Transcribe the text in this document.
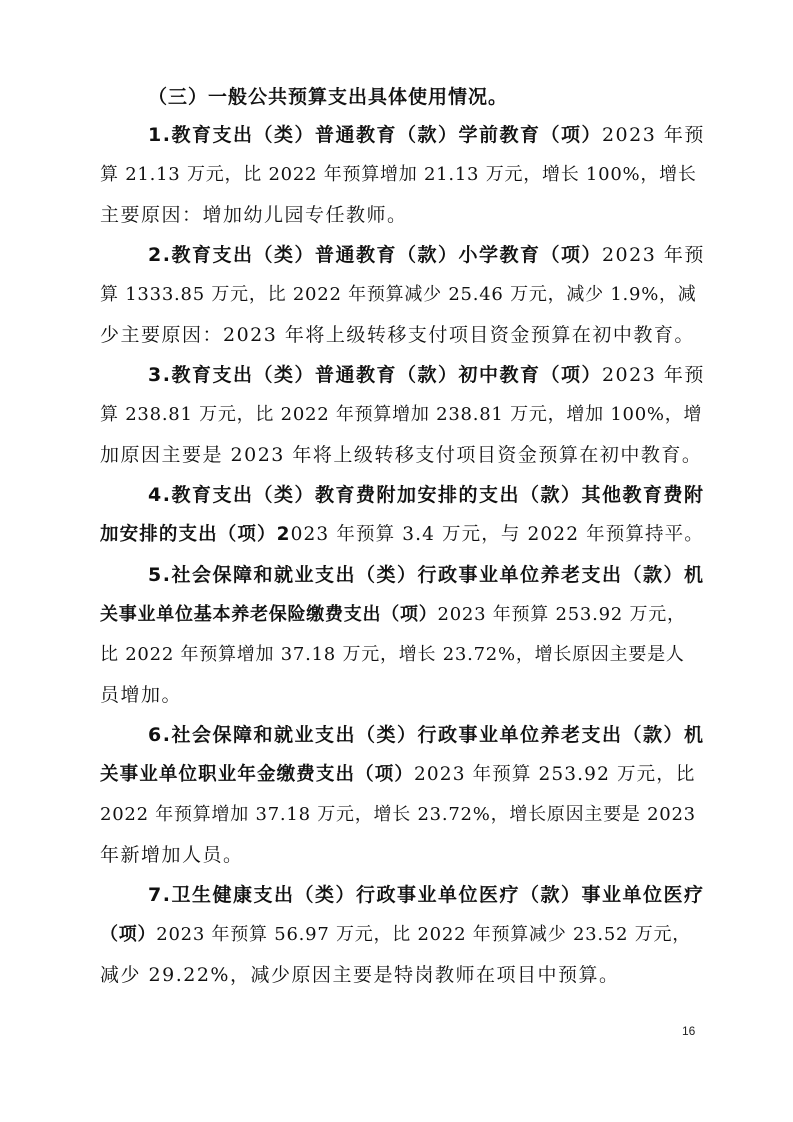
（三）一般公共预算支出具体使用情况。
1.教育支出（类）普通教育（款）学前教育（项）2023 年预
算 21.13 万元，比 2022 年预算增加 21.13 万元，增长 100%，增长
主要原因：增加幼儿园专任教师。
2.教育支出（类）普通教育（款）小学教育（项）2023 年预
算 1333.85 万元，比 2022 年预算减少 25.46 万元，减少 1.9%，减
少主要原因：2023 年将上级转移支付项目资金预算在初中教育。
3.教育支出（类）普通教育（款）初中教育（项）2023 年预
算 238.81 万元，比 2022 年预算增加 238.81 万元，增加 100%，增
加原因主要是 2023 年将上级转移支付项目资金预算在初中教育。
4.教育支出（类）教育费附加安排的支出（款）其他教育费附
加安排的支出（项）2023 年预算 3.4 万元，与 2022 年预算持平。
5.社会保障和就业支出（类）行政事业单位养老支出（款）机
关事业单位基本养老保险缴费支出（项）2023 年预算 253.92 万元，
比 2022 年预算增加 37.18 万元，增长 23.72%，增长原因主要是人
员增加。
6.社会保障和就业支出（类）行政事业单位养老支出（款）机
关事业单位职业年金缴费支出（项）2023 年预算 253.92 万元，比
2022 年预算增加 37.18 万元，增长 23.72%，增长原因主要是 2023
年新增加人员。
7.卫生健康支出（类）行政事业单位医疗（款）事业单位医疗
（项）2023 年预算 56.97 万元，比 2022 年预算减少 23.52 万元，
减少 29.22%，减少原因主要是特岗教师在项目中预算。
16
